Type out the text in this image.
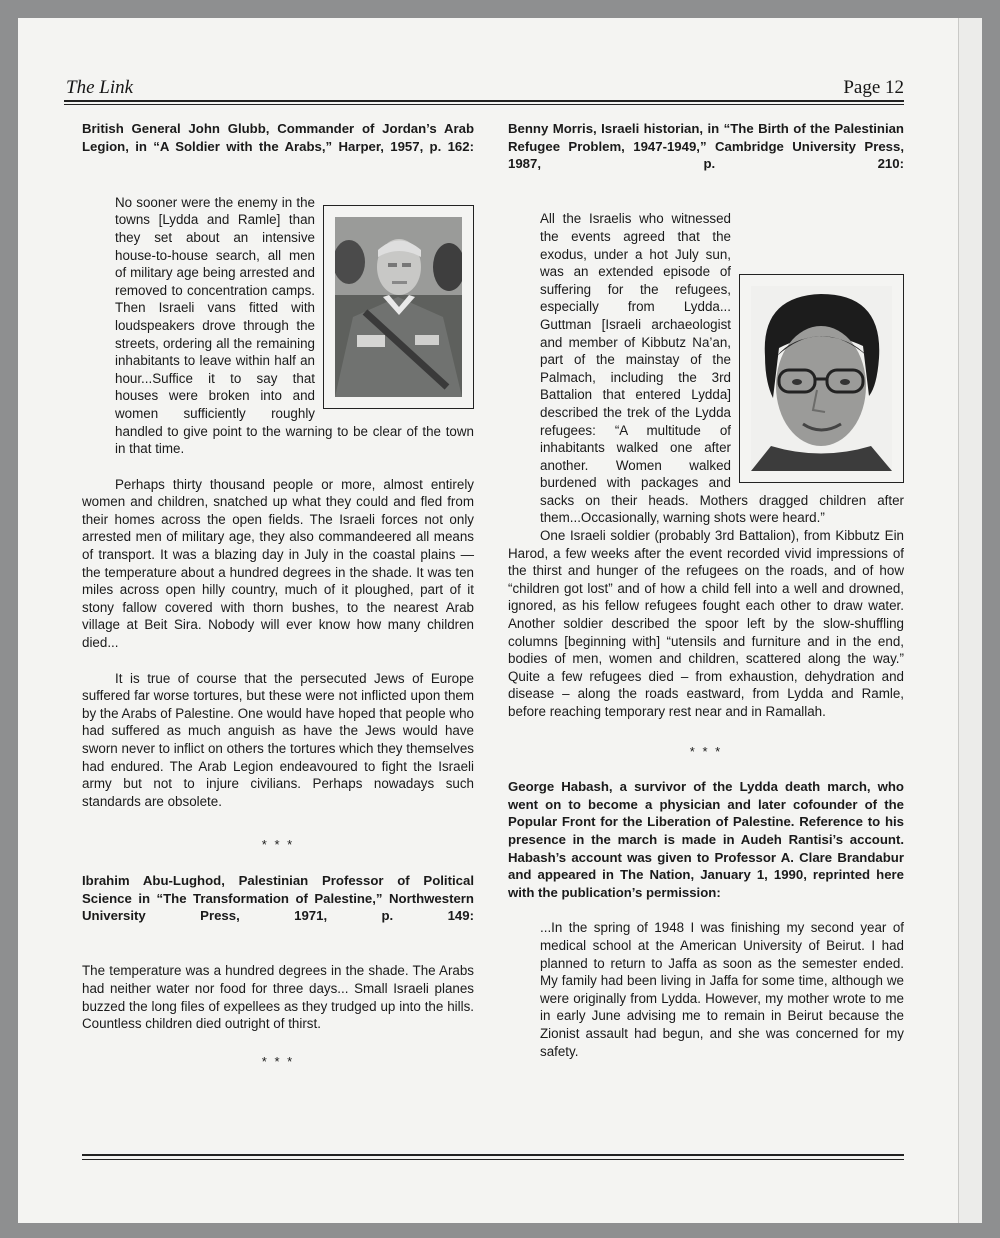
The Link	Page 12
British General John Glubb, Commander of Jordan’s Arab Legion, in “A Soldier with the Arabs,” Harper, 1957, p. 162:
No sooner were the enemy in the towns [Lydda and Ramle] than they set about an intensive house-to-house search, all men of military age being arrested and removed to concentration camps. Then Israeli vans fitted with loudspeakers drove through the streets, ordering all the remaining inhabitants to leave within half an hour...Suffice it to say that houses were broken into and women sufficiently roughly handled to give point to the warning to be clear of the town in that time.
Perhaps thirty thousand people or more, almost entirely women and children, snatched up what they could and fled from their homes across the open fields. The Israeli forces not only arrested men of military age, they also commandeered all means of transport. It was a blazing day in July in the coastal plains — the temperature about a hundred degrees in the shade. It was ten miles across open hilly country, much of it ploughed, part of it stony fallow covered with thorn bushes, to the nearest Arab village at Beit Sira. Nobody will ever know how many children died...
It is true of course that the persecuted Jews of Europe suffered far worse tortures, but these were not inflicted upon them by the Arabs of Palestine. One would have hoped that people who had suffered as much anguish as have the Jews would have sworn never to inflict on others the tortures which they themselves had endured. The Arab Legion endeavoured to fight the Israeli army but not to injure civilians. Perhaps nowadays such standards are obsolete.
* * *
Ibrahim Abu-Lughod, Palestinian Professor of Political Science in “The Transformation of Palestine,” Northwestern University Press, 1971, p. 149:
The temperature was a hundred degrees in the shade. The Arabs had neither water nor food for three days... Small Israeli planes buzzed the long files of expellees as they trudged up into the hills. Countless children died outright of thirst.
* * *
Benny Morris, Israeli historian, in “The Birth of the Palestinian Refugee Problem, 1947-1949,” Cambridge University Press, 1987, p. 210:
All the Israelis who witnessed the events agreed that the exodus, under a hot July sun, was an extended episode of suffering for the refugees, especially from Lydda... Guttman [Israeli archaeologist and member of Kibbutz Na’an, part of the mainstay of the Palmach, including the 3rd Battalion that entered Lydda] described the trek of the Lydda refugees: “A multitude of inhabitants walked one after another. Women walked burdened with packages and sacks on their heads. Mothers dragged children after them...Occasionally, warning shots were heard.”
One Israeli soldier (probably 3rd Battalion), from Kibbutz Ein Harod, a few weeks after the event recorded vivid impressions of the thirst and hunger of the refugees on the roads, and of how “children got lost” and of how a child fell into a well and drowned, ignored, as his fellow refugees fought each other to draw water. Another soldier described the spoor left by the slow-shuffling columns [beginning with] “utensils and furniture and in the end, bodies of men, women and children, scattered along the way.” Quite a few refugees died – from exhaustion, dehydration and disease – along the roads eastward, from Lydda and Ramle, before reaching temporary rest near and in Ramallah.
* * *
George Habash, a survivor of the Lydda death march, who went on to become a physician and later cofounder of the Popular Front for the Liberation of Palestine. Reference to his presence in the march is made in Audeh Rantisi’s account. Habash’s account was given to Professor A. Clare Brandabur and appeared in The Nation, January 1, 1990, reprinted here with the publication’s permission:
...In the spring of 1948 I was finishing my second year of medical school at the American University of Beirut. I had planned to return to Jaffa as soon as the semester ended. My family had been living in Jaffa for some time, although we were originally from Lydda. However, my mother wrote to me in early June advising me to remain in Beirut because the Zionist assault had begun, and she was concerned for my safety.
